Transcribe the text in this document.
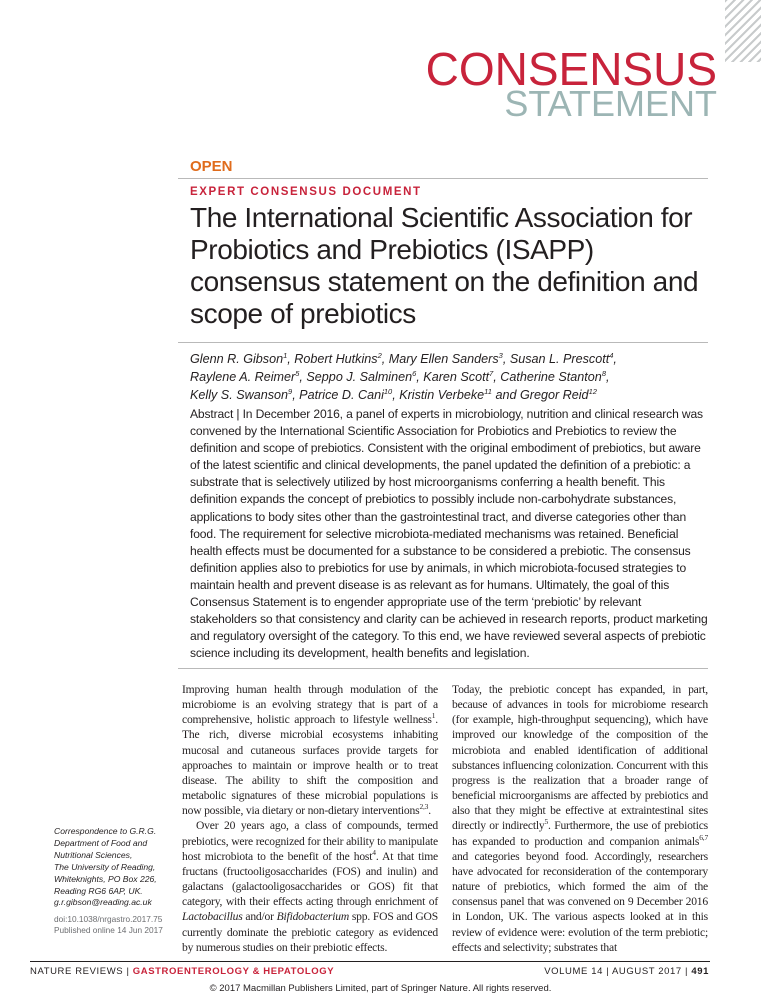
CONSENSUS
STATEMENT
OPEN
EXPERT CONSENSUS DOCUMENT
The International Scientific Association for Probiotics and Prebiotics (ISAPP) consensus statement on the definition and scope of prebiotics
Glenn R. Gibson$^1$, Robert Hutkins$^2$, Mary Ellen Sanders$^3$, Susan L. Prescott$^4$,
Raylene A. Reimer$^5$, Seppo J. Salminen$^6$, Karen Scott$^7$, Catherine Stanton$^8$,
Kelly S. Swanson$^9$, Patrice D. Cani$^{10}$, Kristin Verbeke$^{11}$ and Gregor Reid$^{12}$
Abstract | In December 2016, a panel of experts in microbiology, nutrition and clinical research was convened by the International Scientific Association for Probiotics and Prebiotics to review the definition and scope of prebiotics. Consistent with the original embodiment of prebiotics, but aware of the latest scientific and clinical developments, the panel updated the definition of a prebiotic: a substrate that is selectively utilized by host microorganisms conferring a health benefit. This definition expands the concept of prebiotics to possibly include non-carbohydrate substances, applications to body sites other than the gastrointestinal tract, and diverse categories other than food. The requirement for selective microbiota-mediated mechanisms was retained. Beneficial health effects must be documented for a substance to be considered a prebiotic. The consensus definition applies also to prebiotics for use by animals, in which microbiota-focused strategies to maintain health and prevent disease is as relevant as for humans. Ultimately, the goal of this Consensus Statement is to engender appropriate use of the term ‘prebiotic’ by relevant stakeholders so that consistency and clarity can be achieved in research reports, product marketing and regulatory oversight of the category. To this end, we have reviewed several aspects of prebiotic science including its development, health benefits and legislation.

Improving human health through modulation of the microbiome is an evolving strategy that is part of a comprehensive, holistic approach to lifestyle wellness$^1$. The rich, diverse microbial ecosystems inhabiting mucosal and cutaneous surfaces provide targets for approaches to maintain or improve health or to treat disease. The ability to shift the composition and metabolic signatures of these microbial populations is now possible, via dietary or non-dietary interventions$^{2,3}$.

Over 20 years ago, a class of compounds, termed prebiotics, were recognized for their ability to manipulate host microbiota to the benefit of the host$^4$. At that time fructans (fructooligosaccharides (FOS) and inulin) and galactans (galactooligosaccharides or GOS) fit that category, with their effects acting through enrichment of Lactobacillus and/or Bifidobacterium spp. FOS and GOS currently dominate the prebiotic category as evidenced by numerous studies on their prebiotic effects.

Today, the prebiotic concept has expanded, in part, because of advances in tools for microbiome research (for example, high-throughput sequencing), which have improved our knowledge of the composition of the microbiota and enabled identification of additional substances influencing colonization. Concurrent with this progress is the realization that a broader range of beneficial microorganisms are affected by prebiotics and also that they might be effective at extraintestinal sites directly or indirectly$^5$. Furthermore, the use of prebiotics has expanded to production and companion animals$^{6,7}$ and categories beyond food. Accordingly, researchers have advocated for reconsideration of the contemporary nature of prebiotics, which formed the aim of the consensus panel that was convened on 9 December 2016 in London, UK. The various aspects looked at in this review of evidence were: evolution of the term prebiotic; effects and selectivity; substrates that

Correspondence to G.R.G.
Department of Food and
Nutritional Sciences,
The University of Reading,
Whiteknights, PO Box 226,
Reading RG6 6AP, UK.
g.r.gibson@reading.ac.uk
doi:10.1038/nrgastro.2017.75
Published online 14 Jun 2017
NATURE REVIEWS | GASTROENTEROLOGY & HEPATOLOGY	VOLUME 14 | AUGUST 2017 | 491
© 2017 Macmillan Publishers Limited, part of Springer Nature. All rights reserved.
